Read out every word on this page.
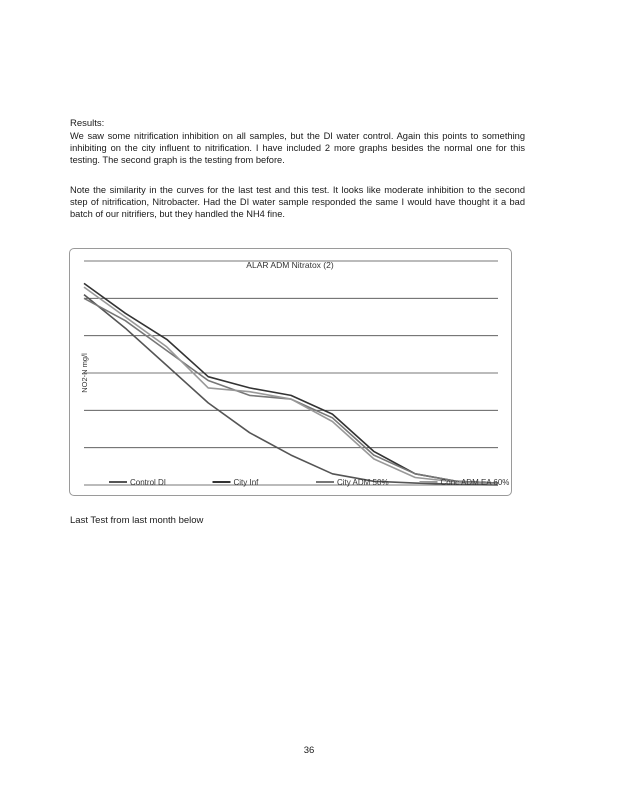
Results:
We saw some nitrification inhibition on all samples, but the DI water control. Again this points to something inhibiting on the city influent to nitrification. I have included 2 more graphs besides the normal one for this testing. The second graph is the testing from before.
Note the similarity in the curves for the last test and this test. It looks like moderate inhibition to the second step of nitrification, Nitrobacter. Had the DI water sample responded the same I would have thought it a bad batch of our nitrifiers, but they handled the NH4 fine.
ALAR ADM Nitratox (2)
NO2-N mg/l
Control DI	City Inf	City ADM 50%	Conc ADM EA 60%
Last Test from last month below
36
